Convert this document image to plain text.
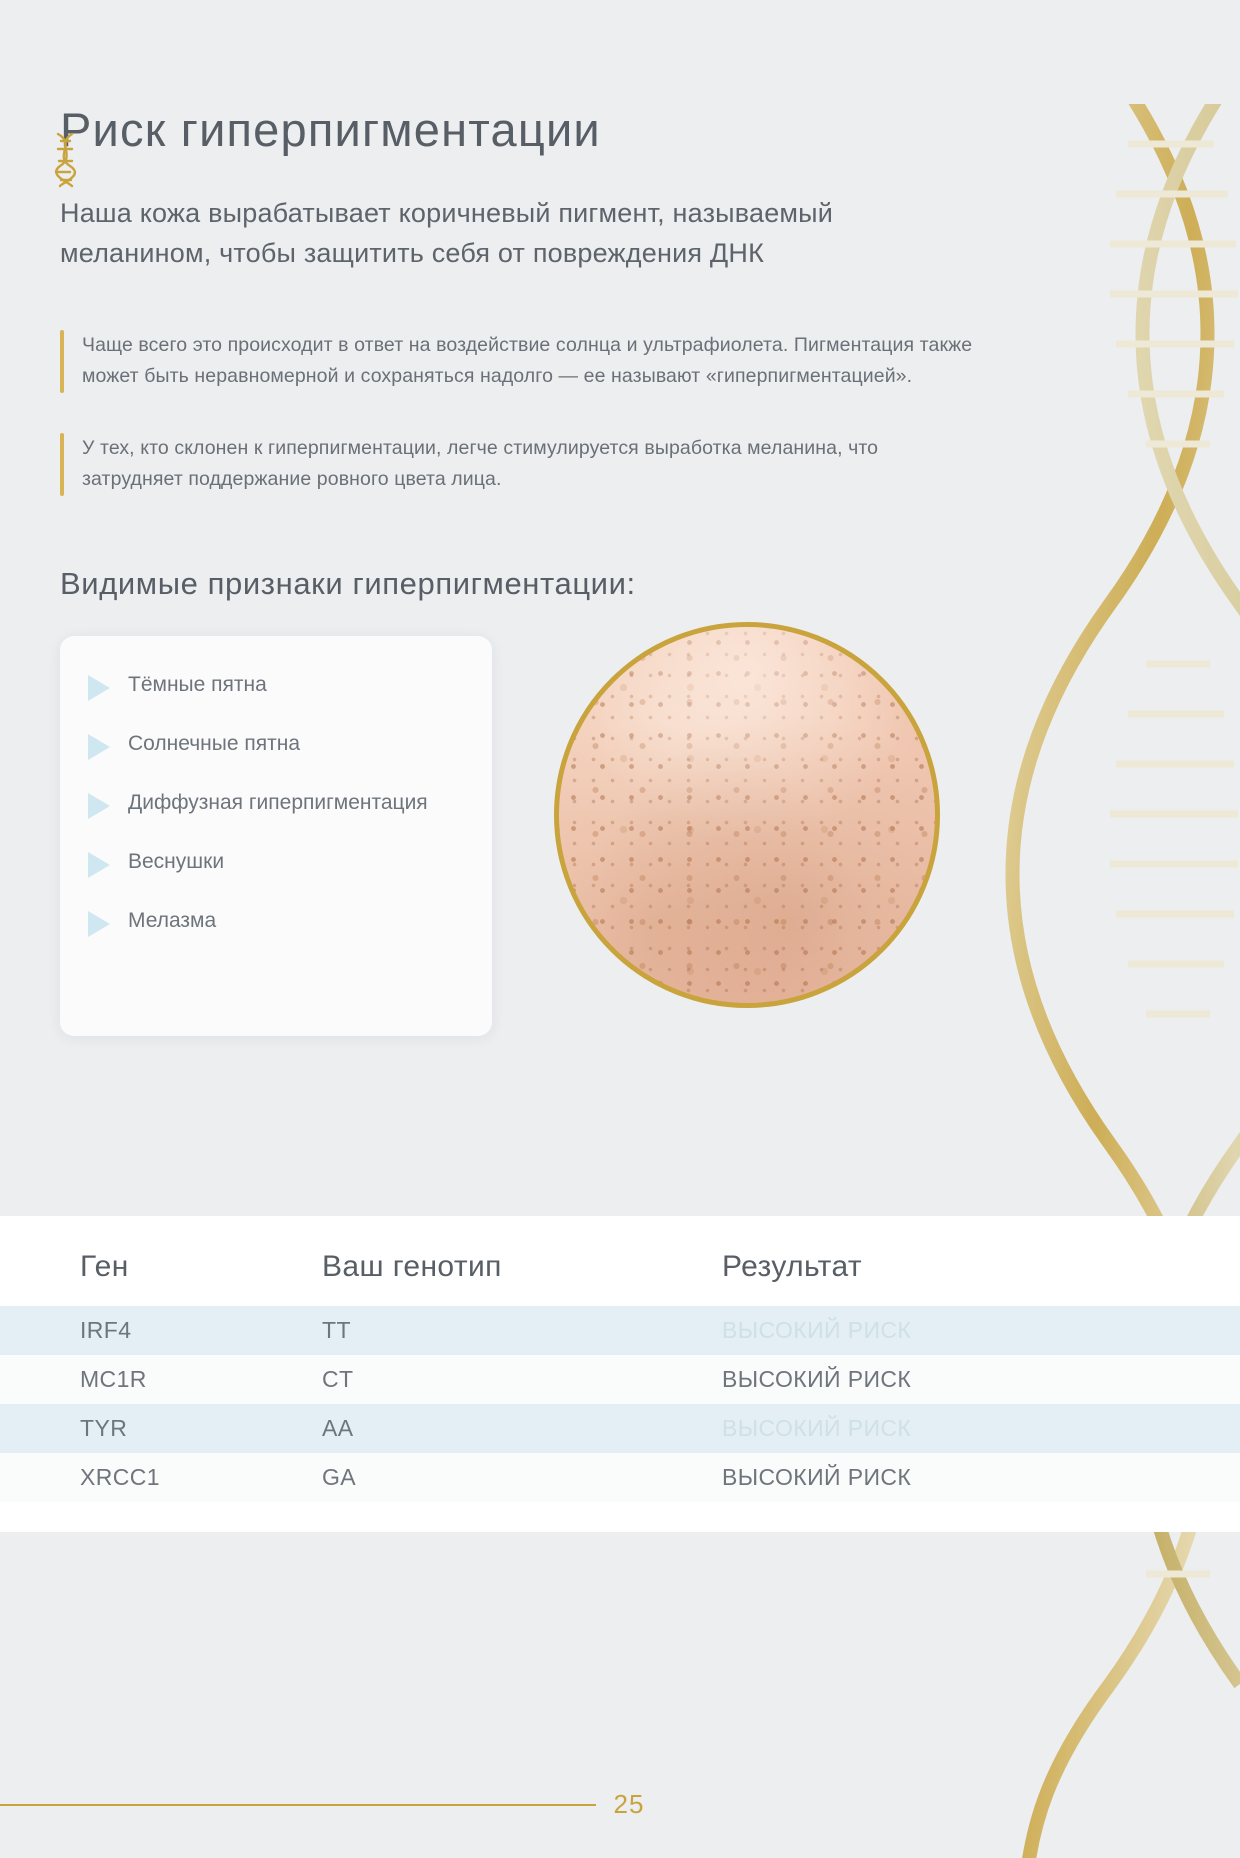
Риск гиперпигментации

Наша кожа вырабатывает коричневый пигмент, называемый меланином, чтобы защитить себя от повреждения ДНК

Чаще всего это происходит в ответ на воздействие солнца и ультрафиолета. Пигментация также может быть неравномерной и сохраняться надолго — ее называют «гиперпигментацией».
У тех, кто склонен к гиперпигментации, легче стимулируется выработка меланина, что затрудняет поддержание ровного цвета лица.
Видимые признаки гиперпигментации:
Тёмные пятна
Солнечные пятна
Диффузная гиперпигментация
Веснушки
Мелазма
Ген	Ваш генотип	Результат
IRF4	TT	ВЫСОКИЙ РИСК
MC1R	CT	ВЫСОКИЙ РИСК
TYR	AA	ВЫСОКИЙ РИСК
XRCC1	GA	ВЫСОКИЙ РИСК
25
